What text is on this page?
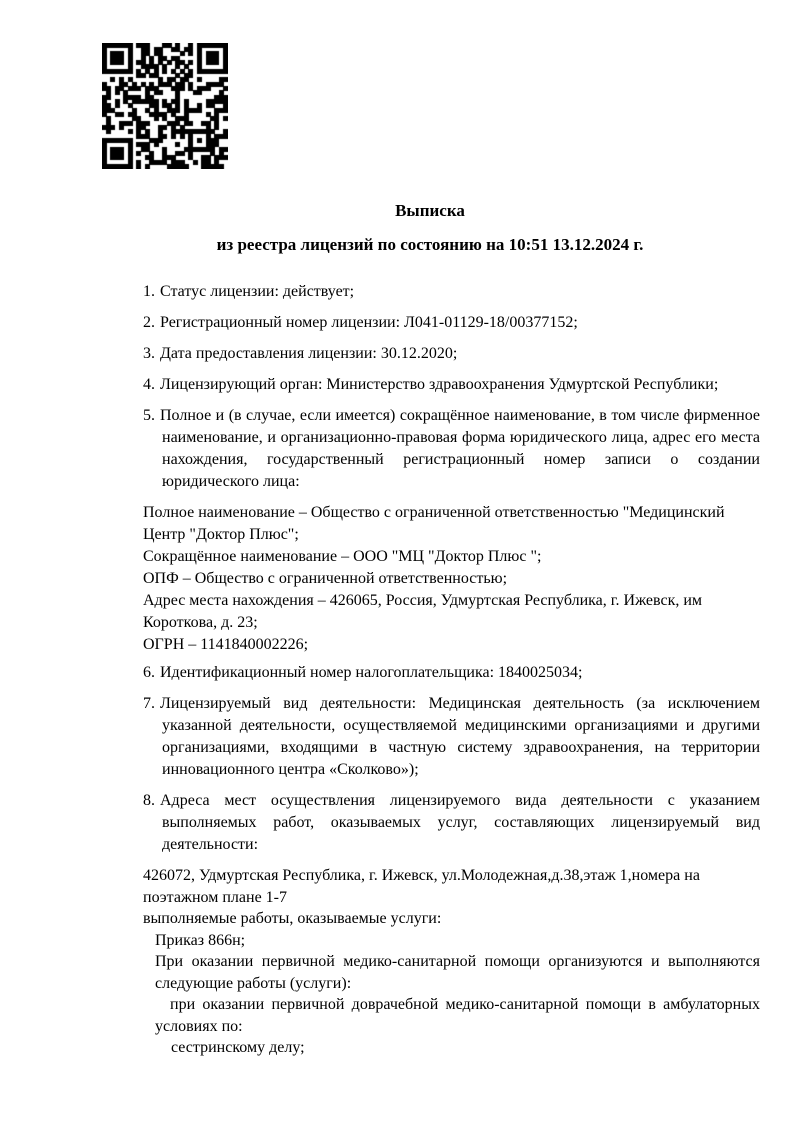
Выписка

из реестра лицензий по состоянию на 10:51 13.12.2024 г.

1. Статус лицензии: действует;

2. Регистрационный номер лицензии: Л041-01129-18/00377152;

3. Дата предоставления лицензии: 30.12.2020;

4. Лицензирующий орган: Министерство здравоохранения Удмуртской Республики;

5. Полное и (в случае, если имеется) сокращённое наименование, в том числе фирменное наименование, и организационно-правовая форма юридического лица, адрес его места нахождения, государственный регистрационный номер записи о создании юридического лица:

Полное наименование – Общество с ограниченной ответственностью "Медицинский Центр "Доктор Плюс";

Сокращённое наименование – ООО "МЦ "Доктор Плюс ";

ОПФ – Общество с ограниченной ответственностью;

Адрес места нахождения – 426065, Россия, Удмуртская Республика, г. Ижевск, им Короткова, д. 23;

ОГРН – 1141840002226;

6. Идентификационный номер налогоплательщика: 1840025034;

7. Лицензируемый вид деятельности: Медицинская деятельность (за исключением указанной деятельности, осуществляемой медицинскими организациями и другими организациями, входящими в частную систему здравоохранения, на территории инновационного центра «Сколково»);

8. Адреса мест осуществления лицензируемого вида деятельности с указанием выполняемых работ, оказываемых услуг, составляющих лицензируемый вид деятельности:

426072, Удмуртская Республика, г. Ижевск, ул.Молодежная,д.38,этаж 1,номера на поэтажном плане 1-7

выполняемые работы, оказываемые услуги:

Приказ 866н;

При оказании первичной медико-санитарной помощи организуются и выполняются следующие работы (услуги):

при оказании первичной доврачебной медико-санитарной помощи в амбулаторных условиях по:

сестринскому делу;
